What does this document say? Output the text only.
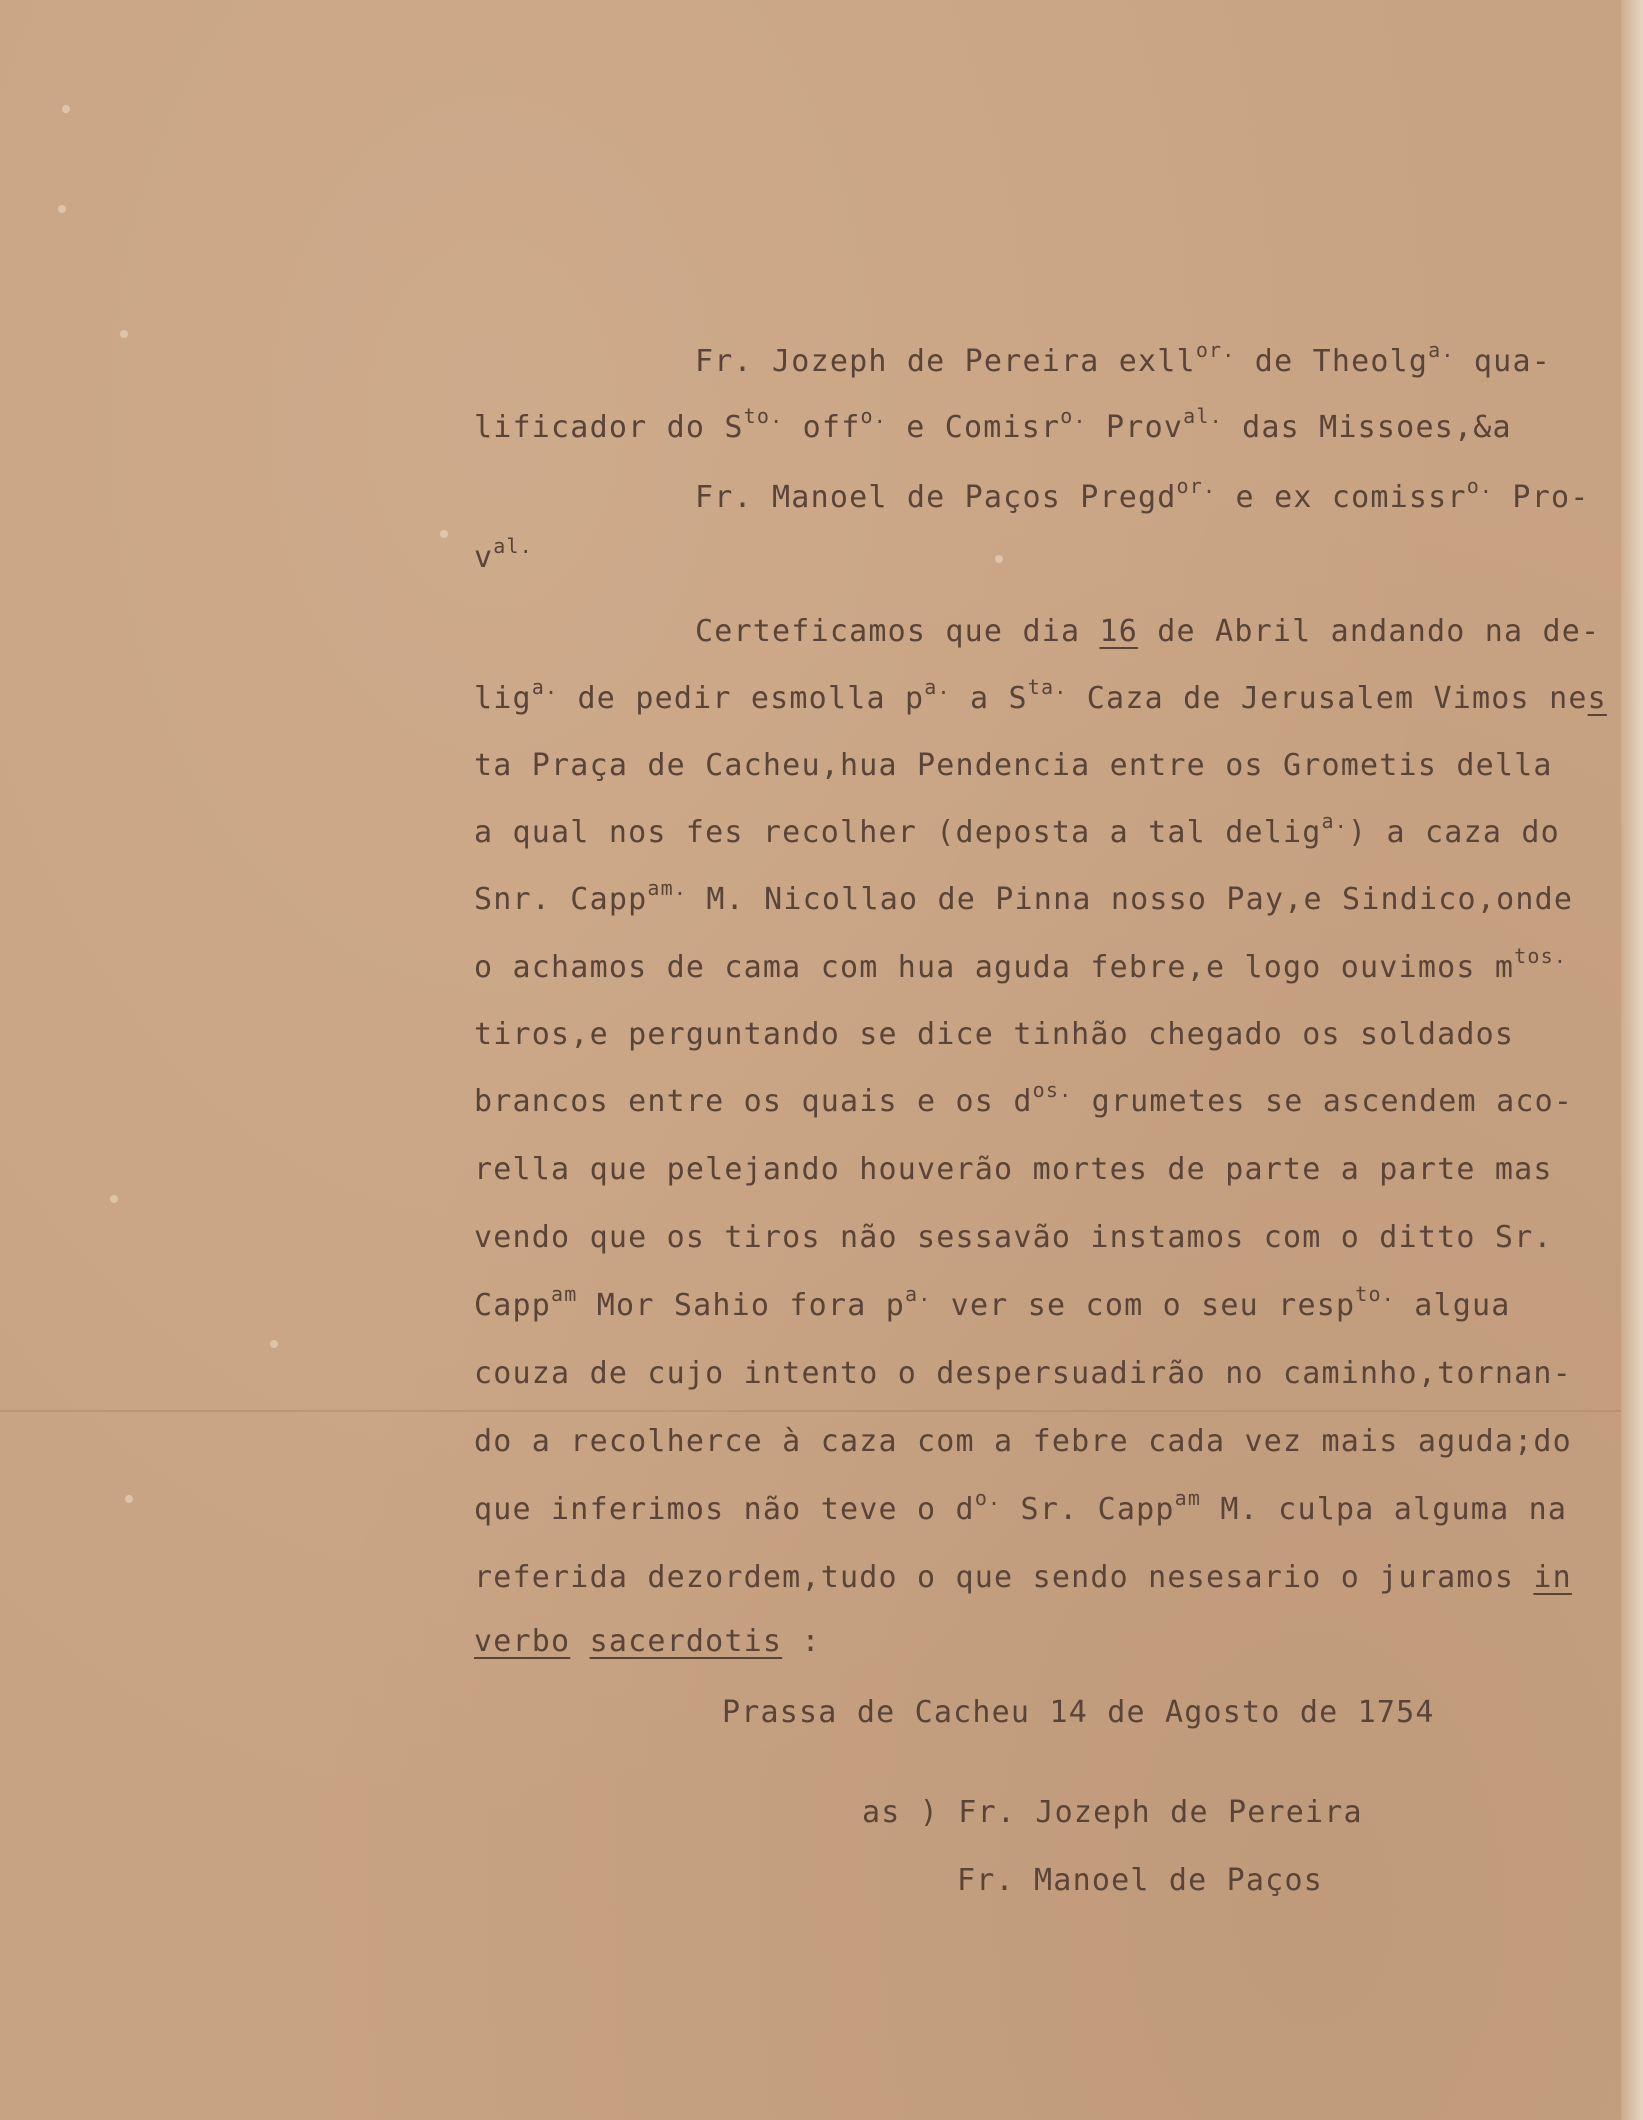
Fr. Jozeph de Pereira exll$^{or.}$ de Theolg$^{a.}$ qua-
lificador do $S^{to.}$ off$^{o.}$ e Comisr$^{o.}$ Prov$^{al.}$ das Missoes,&a
Fr. Manoel de Paços Pregd$^{or.}$ e ex comissr$^{o.}$ Pro-
$v^{al.}$
Certeficamos que dia 16 de Abril andando na de-
lig$^{a.}$ de pedir esmolla $p^{a.}$ a $S^{ta.}$ Caza de Jerusalem Vimos nes
ta Praça de Cacheu,hua Pendencia entre os Grometis della
a qual nos fes recolher (deposta a tal delig$^{a.}$) a caza do
Snr. Capp$^{am.}$ M. Nicollao de Pinna nosso Pay,e Sindico,onde
o achamos de cama com hua aguda febre,e logo ouvimos $m^{tos.}$
tiros,e perguntando se dice tinhão chegado os soldados
brancos entre os quais e os $d^{os.}$ grumetes se ascendem aco-
rella que pelejando houverão mortes de parte a parte mas
vendo que os tiros não sessavão instamos com o ditto Sr.
Capp$^{am}$ Mor Sahio fora $p^{a.}$ ver se com o seu resp$^{to.}$ algua
couza de cujo intento o despersuadirão no caminho,tornan-
do a recolherce à caza com a febre cada vez mais aguda;do
que inferimos não teve o $d^{o.}$ Sr. Capp$^{am}$ M. culpa alguma na
referida dezordem,tudo o que sendo nesesario o juramos in
verbo sacerdotis :
Prassa de Cacheu 14 de Agosto de 1754
as ) Fr. Jozeph de Pereira
Fr. Manoel de Paços
